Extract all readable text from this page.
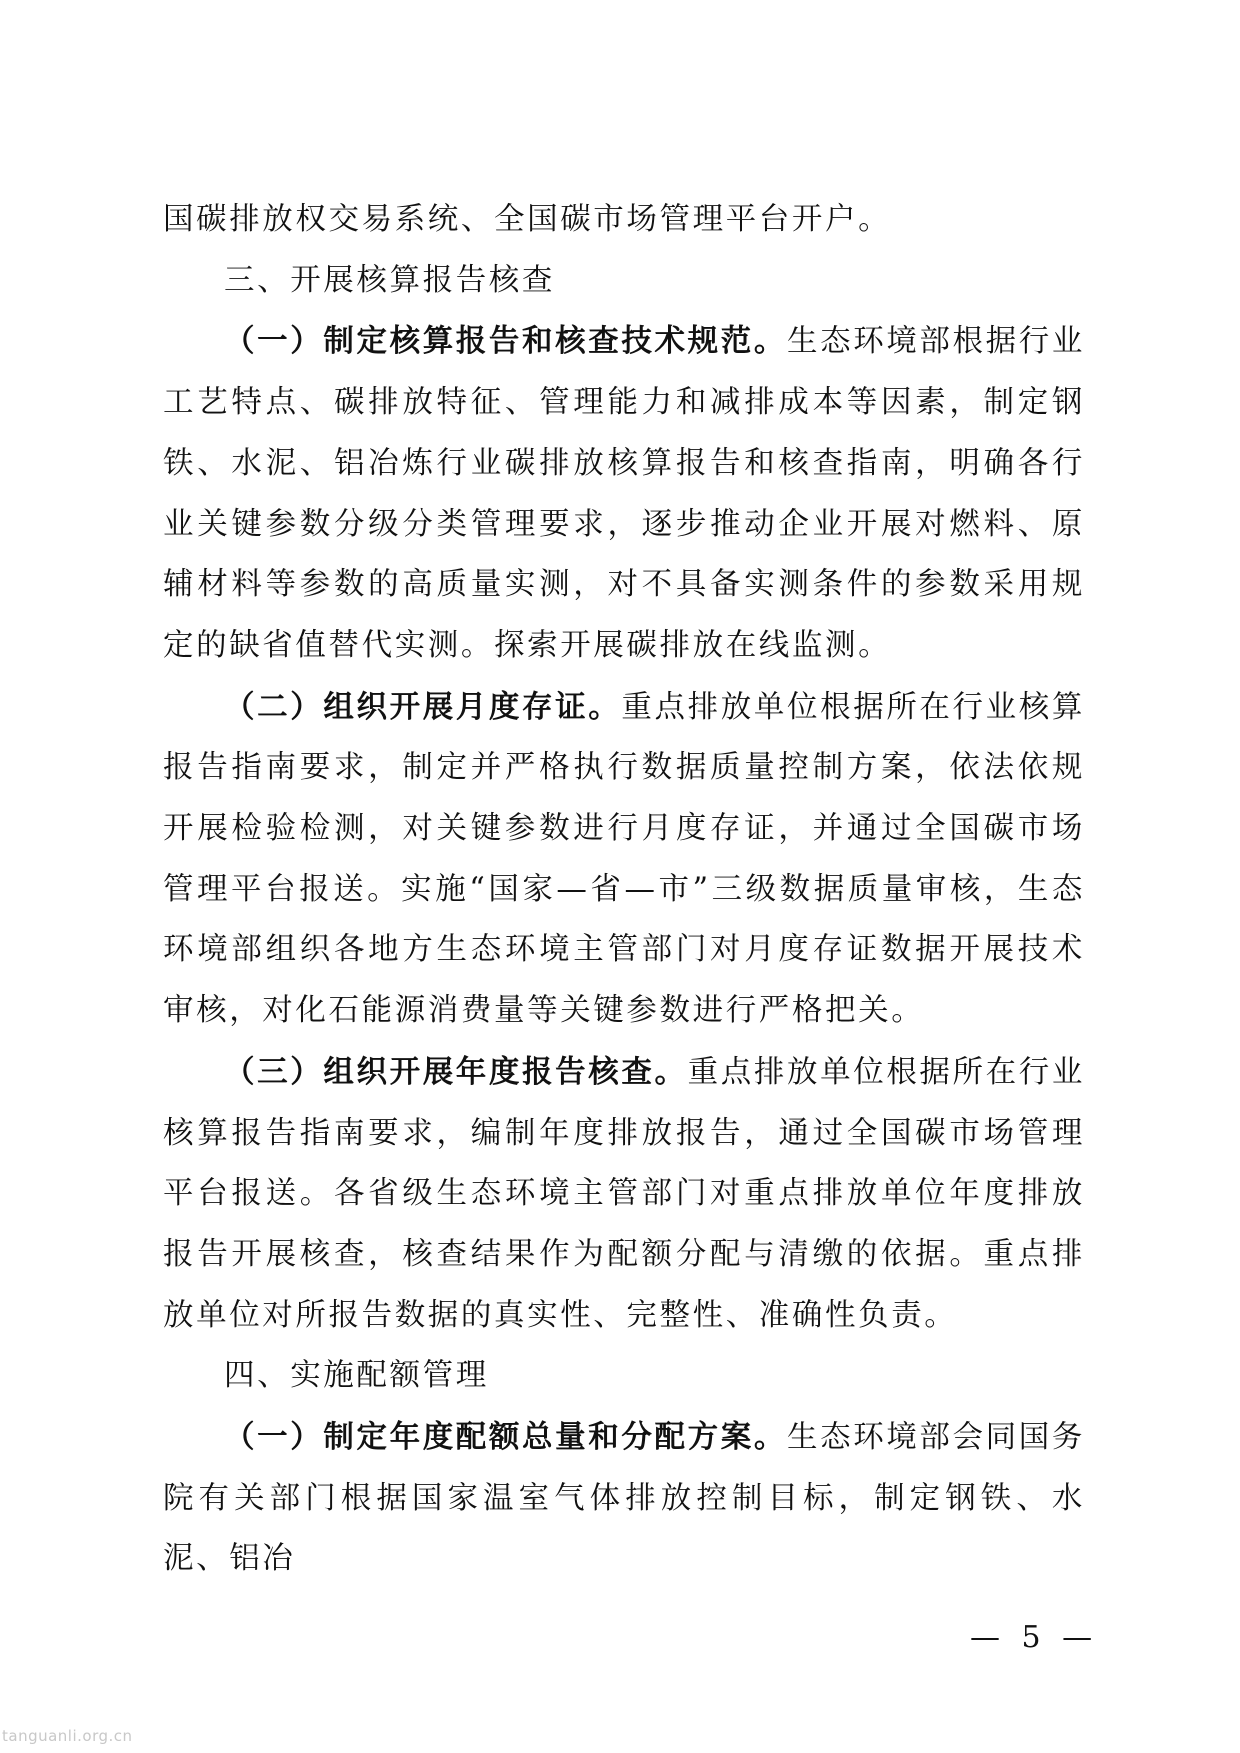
国碳排放权交易系统、全国碳市场管理平台开户。

三、开展核算报告核查

（一）制定核算报告和核查技术规范。生态环境部根据行业工艺特点、碳排放特征、管理能力和减排成本等因素，制定钢铁、水泥、铝冶炼行业碳排放核算报告和核查指南，明确各行业关键参数分级分类管理要求，逐步推动企业开展对燃料、原辅材料等参数的高质量实测，对不具备实测条件的参数采用规定的缺省值替代实测。探索开展碳排放在线监测。

（二）组织开展月度存证。重点排放单位根据所在行业核算报告指南要求，制定并严格执行数据质量控制方案，依法依规开展检验检测，对关键参数进行月度存证，并通过全国碳市场管理平台报送。实施“国家—省—市”三级数据质量审核，生态环境部组织各地方生态环境主管部门对月度存证数据开展技术审核，对化石能源消费量等关键参数进行严格把关。

（三）组织开展年度报告核查。重点排放单位根据所在行业核算报告指南要求，编制年度排放报告，通过全国碳市场管理平台报送。各省级生态环境主管部门对重点排放单位年度排放报告开展核查，核查结果作为配额分配与清缴的依据。重点排放单位对所报告数据的真实性、完整性、准确性负责。

四、实施配额管理

（一）制定年度配额总量和分配方案。生态环境部会同国务院有关部门根据国家温室气体排放控制目标，制定钢铁、水泥、铝冶

— 5 —
tanguanli.org.cn
